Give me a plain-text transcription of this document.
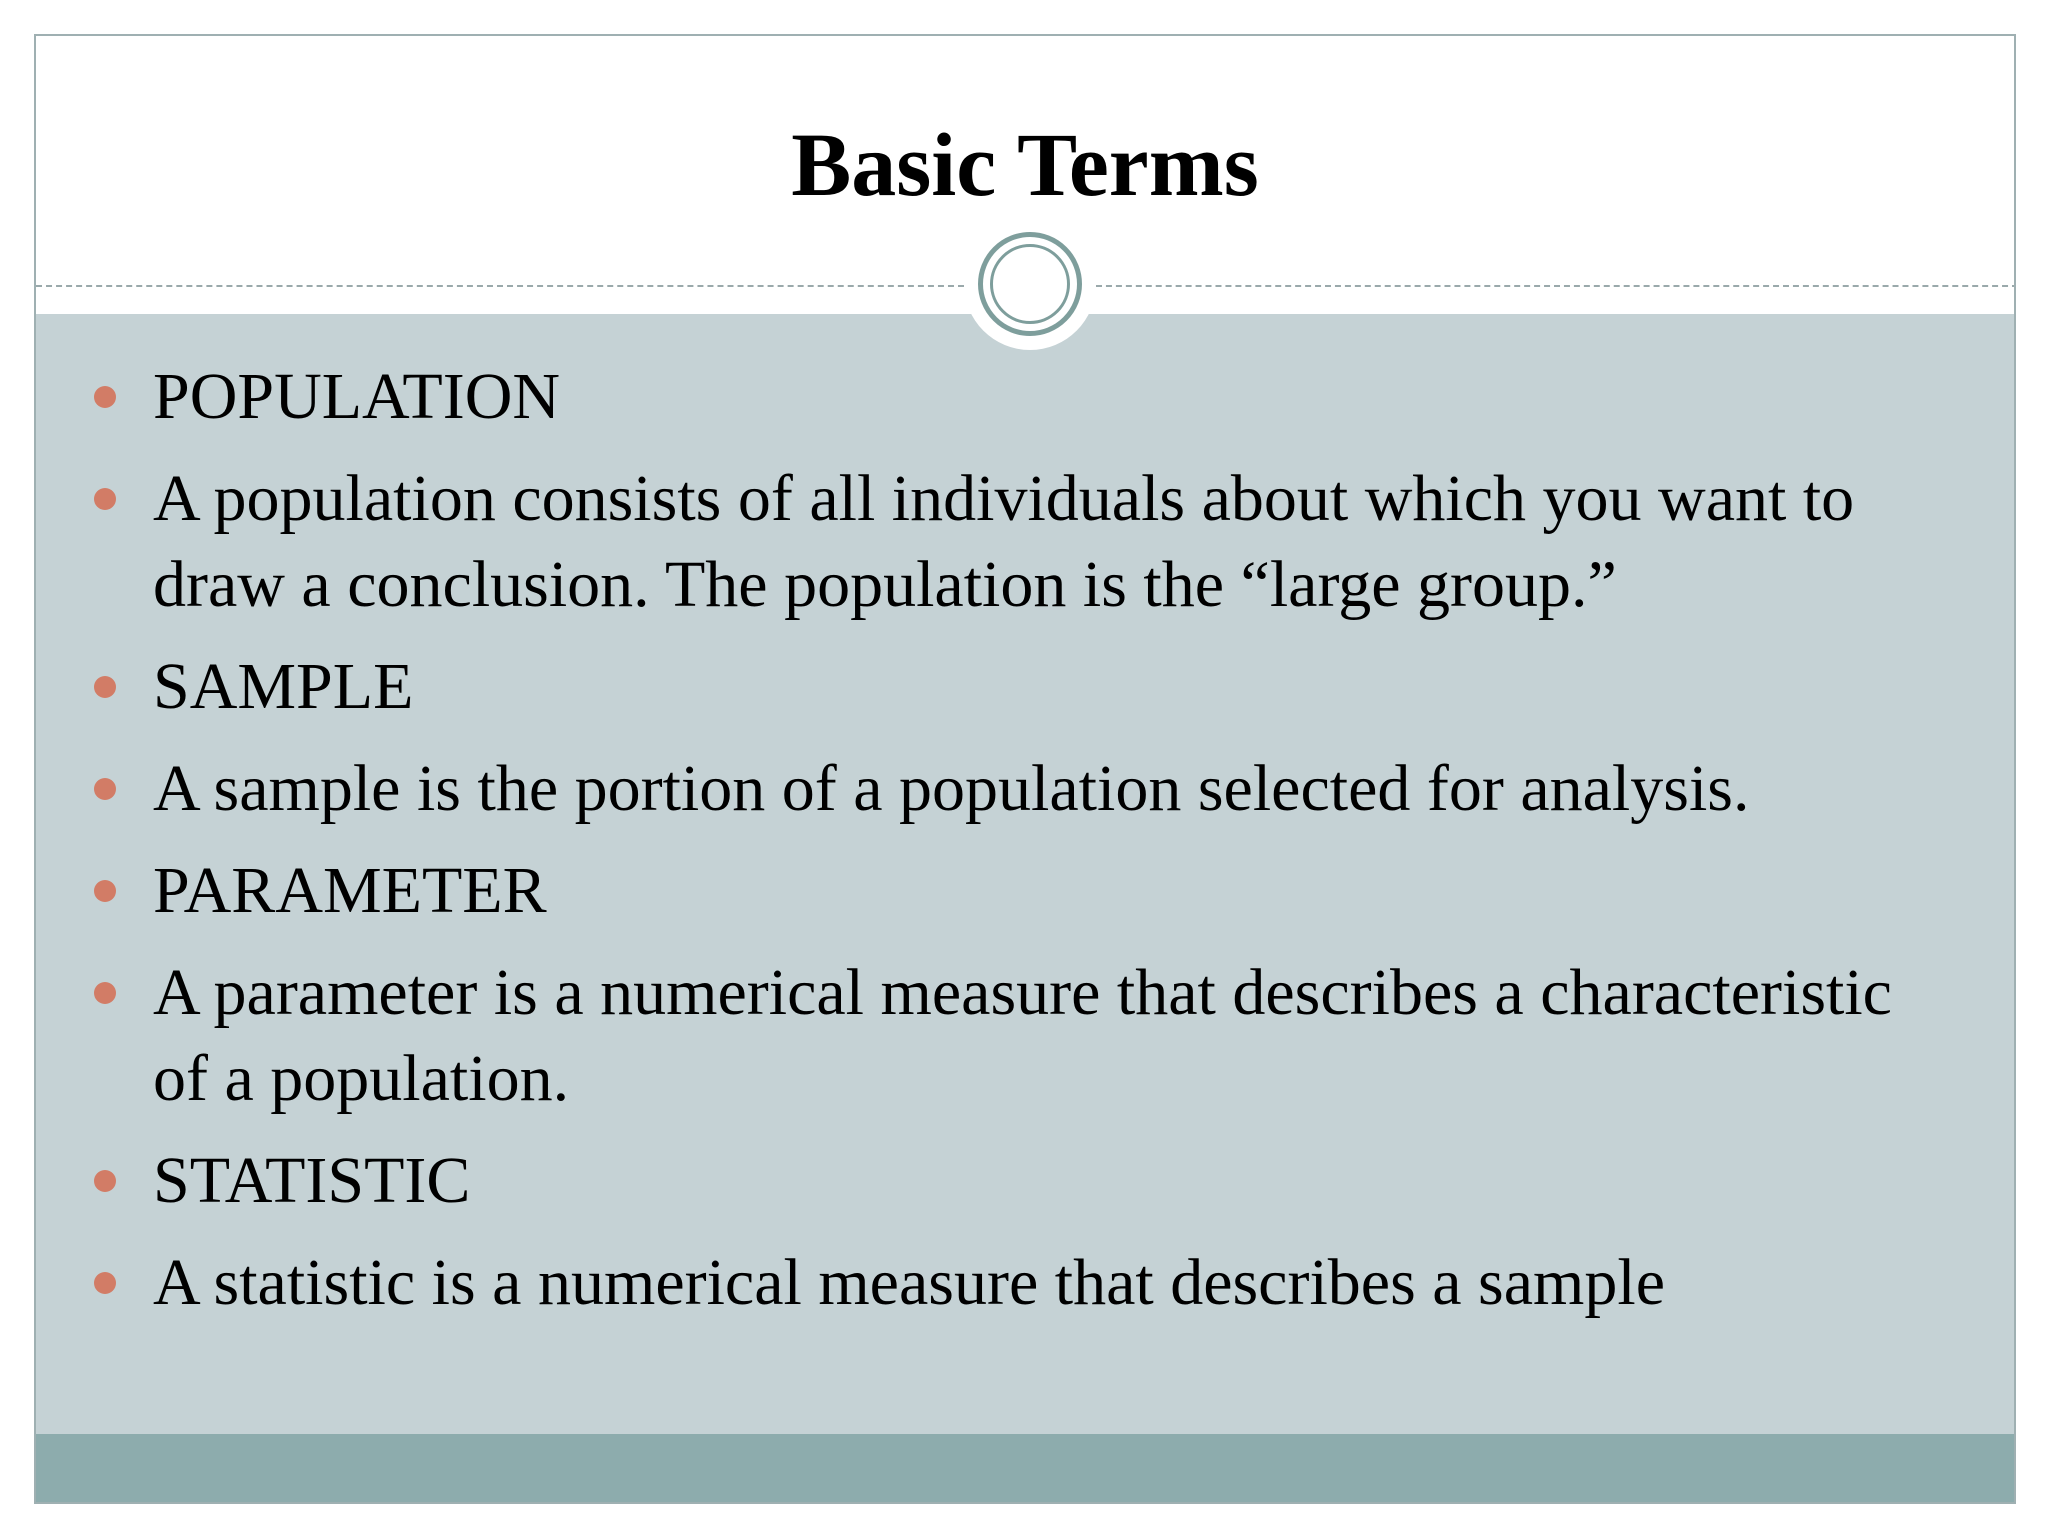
Basic Terms
POPULATION
A population consists of all individuals about which you want to draw a conclusion. The population is the “large group.”
SAMPLE
A sample is the portion of a population selected for analysis.
PARAMETER
A parameter is a numerical measure that describes a characteristic of a population.
STATISTIC
A statistic is a numerical measure that describes a sample
